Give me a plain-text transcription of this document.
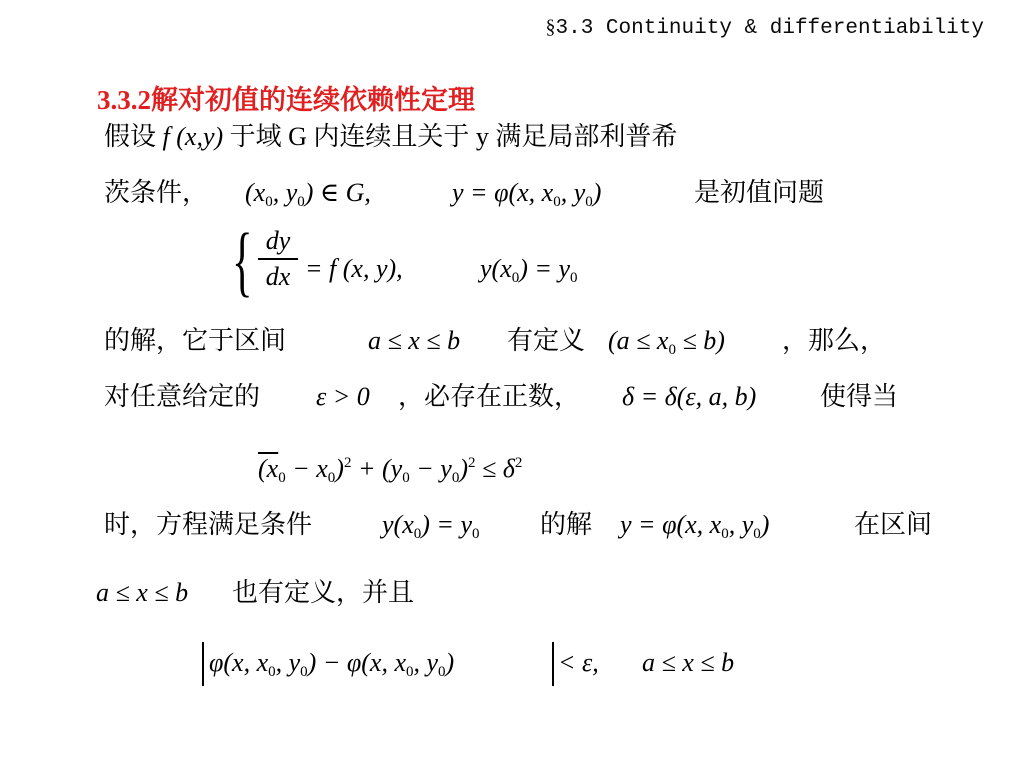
§3.3 Continuity & differentiability
3.3.2解对初值的连续依赖性定理
假设 f (x,y) 于域 G 内连续且关于 y 满足局部利普希
茨条件， ($x_0$, $y_0$) ∈ G,	y = φ(x, $x_0$, $y_0$)	是初值问题
{ dy
dx = f (x, y),	$y(x_0) = y_0$
的解，它于区间	a ≤ x ≤ b 有定义 $(a \le x_0 \le b)$ ，那么，
对任意给定的 ε > 0 ，必存在正数， δ = δ(ε, a, b) 使得当
$(x_0 - x_0)^2 + (y_0 - y_0)^2 \le \delta^2$
时，方程满足条件	$y(x_0) = y_0$ 的解 y = φ(x, $x_0$, $y_0$)	在区间
a ≤ x ≤ b 也有定义，并且
φ(x, $x_0$, $y_0) - \varphi(x$, $x_0$, $y_0$)	< ε, a ≤ x ≤ b
